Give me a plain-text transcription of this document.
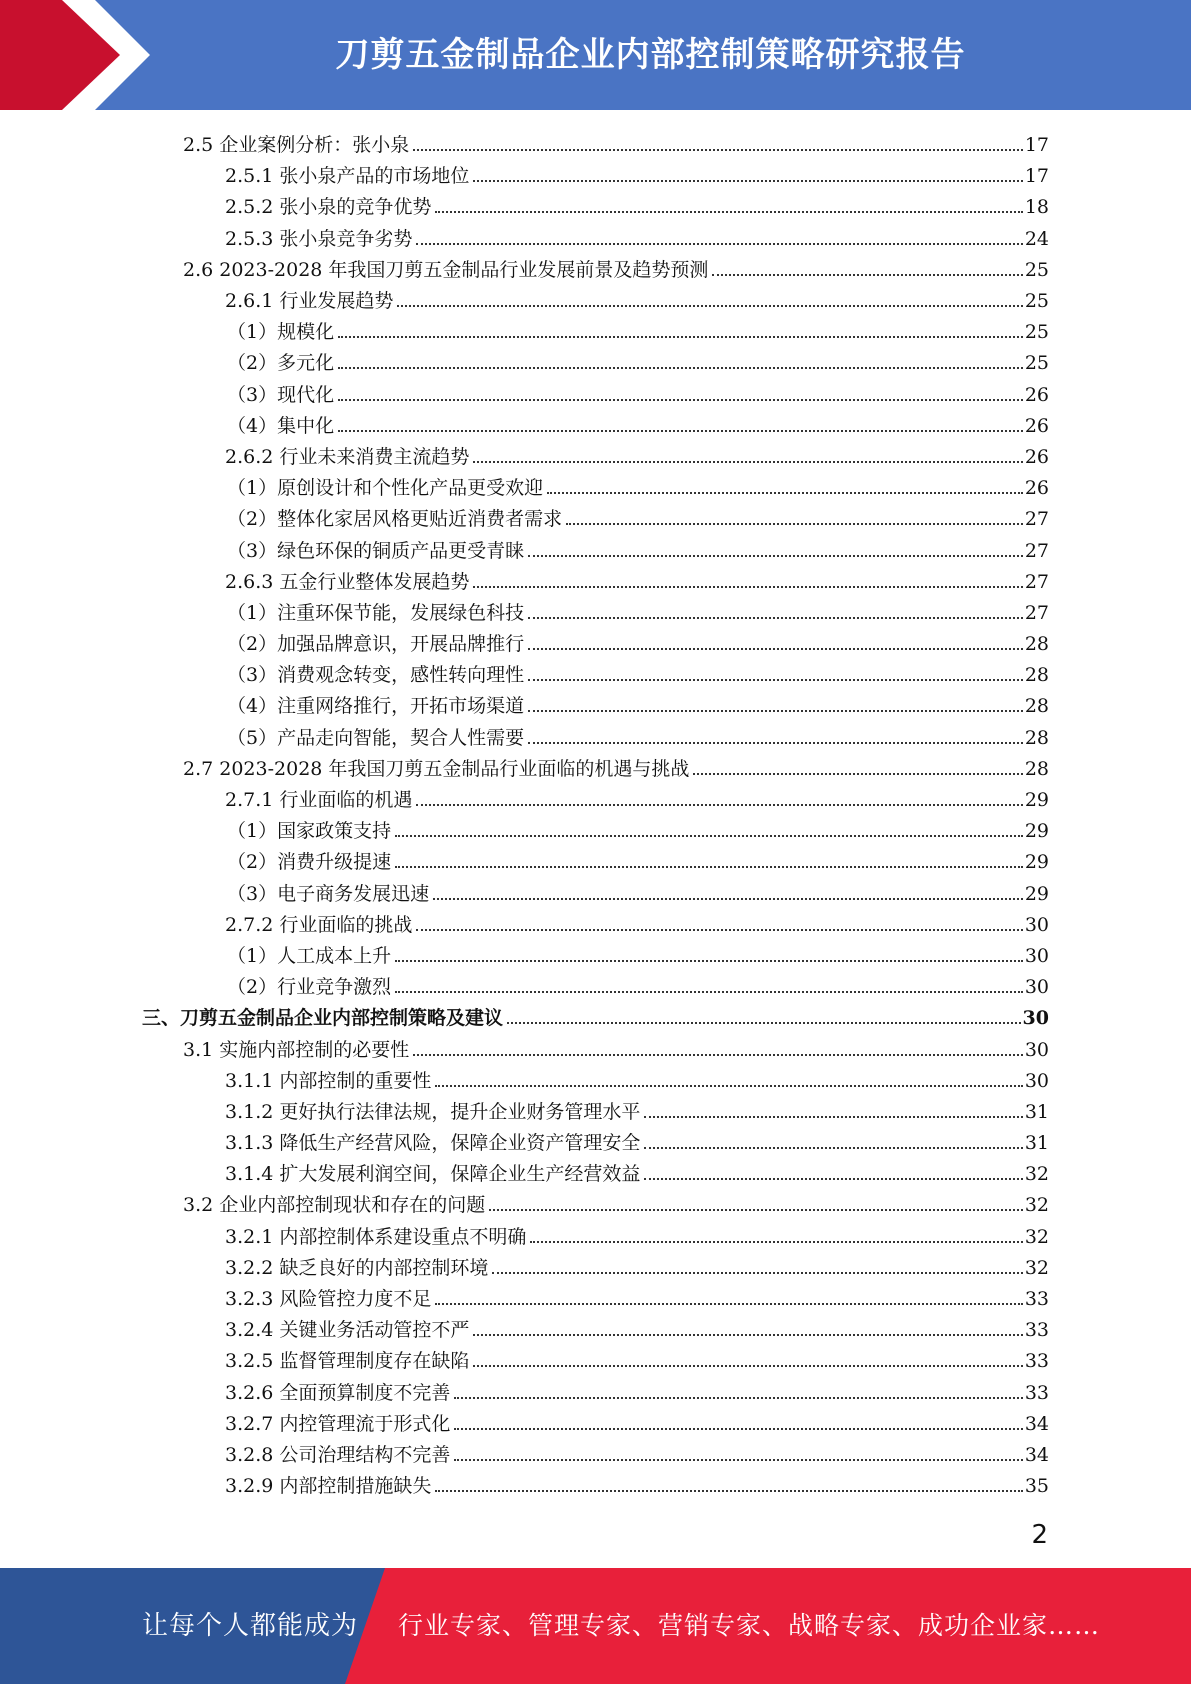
刀剪五金制品企业内部控制策略研究报告
2.5 企业案例分析：张小泉	17
2.5.1 张小泉产品的市场地位	17
2.5.2 张小泉的竞争优势	18
2.5.3 张小泉竞争劣势	24
2.6 2023-2028 年我国刀剪五金制品行业发展前景及趋势预测	25
2.6.1 行业发展趋势	25
（1）规模化	25
（2）多元化	25
（3）现代化	26
（4）集中化	26
2.6.2 行业未来消费主流趋势	26
（1）原创设计和个性化产品更受欢迎	26
（2）整体化家居风格更贴近消费者需求	27
（3）绿色环保的铜质产品更受青睐	27
2.6.3 五金行业整体发展趋势	27
（1）注重环保节能，发展绿色科技	27
（2）加强品牌意识，开展品牌推行	28
（3）消费观念转变，感性转向理性	28
（4）注重网络推行，开拓市场渠道	28
（5）产品走向智能，契合人性需要	28
2.7 2023-2028 年我国刀剪五金制品行业面临的机遇与挑战	28
2.7.1 行业面临的机遇	29
（1）国家政策支持	29
（2）消费升级提速	29
（3）电子商务发展迅速	29
2.7.2 行业面临的挑战	30
（1）人工成本上升	30
（2）行业竞争激烈	30
三、刀剪五金制品企业内部控制策略及建议	30
3.1 实施内部控制的必要性	30
3.1.1 内部控制的重要性	30
3.1.2 更好执行法律法规，提升企业财务管理水平	31
3.1.3 降低生产经营风险，保障企业资产管理安全	31
3.1.4 扩大发展利润空间，保障企业生产经营效益	32
3.2 企业内部控制现状和存在的问题	32
3.2.1 内部控制体系建设重点不明确	32
3.2.2 缺乏良好的内部控制环境	32
3.2.3 风险管控力度不足	33
3.2.4 关键业务活动管控不严	33
3.2.5 监督管理制度存在缺陷	33
3.2.6 全面预算制度不完善	33
3.2.7 内控管理流于形式化	34
3.2.8 公司治理结构不完善	34
3.2.9 内部控制措施缺失	35
2
让每个人都能成为 行业专家、管理专家、营销专家、战略专家、成功企业家……
